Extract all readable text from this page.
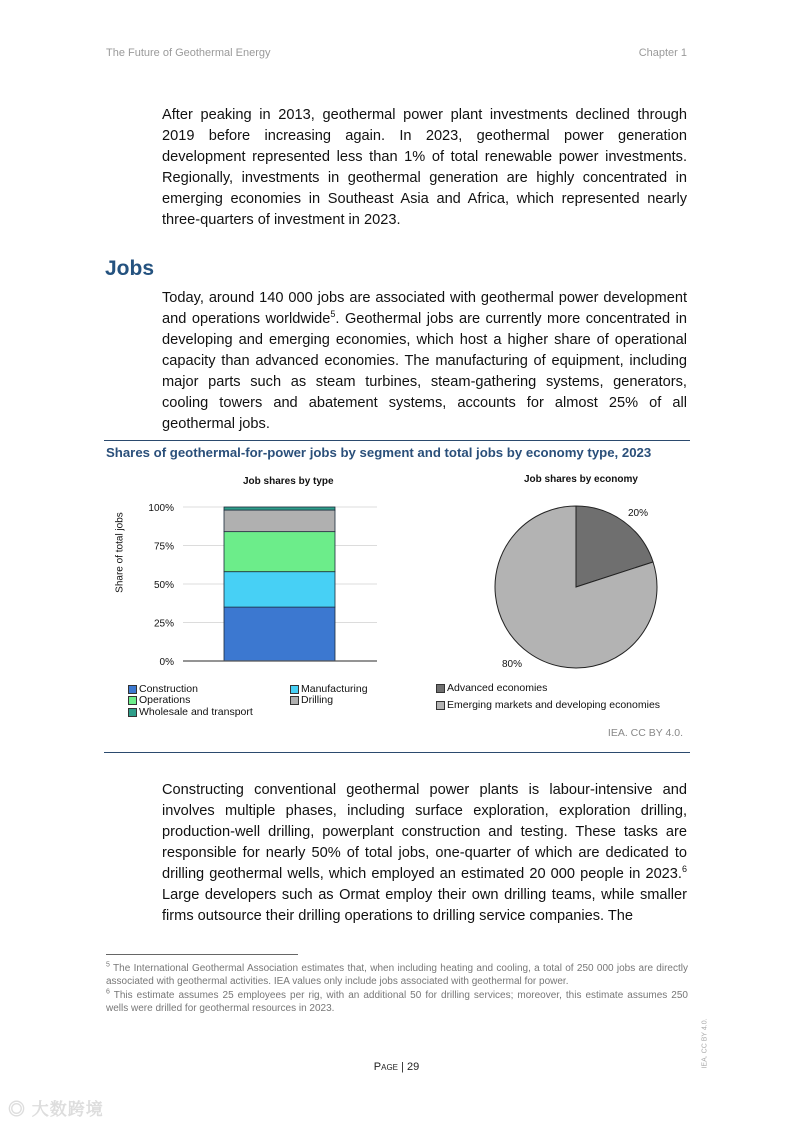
The Future of Geothermal Energy	Chapter 1
After peaking in 2013, geothermal power plant investments declined through 2019 before increasing again. In 2023, geothermal power generation development represented less than 1% of total renewable power investments. Regionally, investments in geothermal generation are highly concentrated in emerging economies in Southeast Asia and Africa, which represented nearly three-quarters of investment in 2023.
Jobs
Today, around 140 000 jobs are associated with geothermal power development and operations worldwide$^5$. Geothermal jobs are currently more concentrated in developing and emerging economies, which host a higher share of operational capacity than advanced economies. The manufacturing of equipment, including major parts such as steam turbines, steam-gathering systems, generators, cooling towers and abatement systems, accounts for almost 25% of all geothermal jobs.
Shares of geothermal-for-power jobs by segment and total jobs by economy type, 2023
Job shares by type	Job shares by economy
Share of total jobs
0%
25%
50%
75%
100%	20%
80%
Construction	Manufacturing
Operations	Drilling
Wholesale and transport
Advanced economies
Emerging markets and developing economies
IEA. CC BY 4.0.
Constructing conventional geothermal power plants is labour-intensive and involves multiple phases, including surface exploration, exploration drilling, production-well drilling, powerplant construction and testing. These tasks are responsible for nearly 50% of total jobs, one-quarter of which are dedicated to drilling geothermal wells, which employed an estimated 20 000 people in 2023.$^6$ Large developers such as Ormat employ their own drilling teams, while smaller firms outsource their drilling operations to drilling service companies. The
$^5$ The International Geothermal Association estimates that, when including heating and cooling, a total of 250 000 jobs are directly associated with geothermal activities. IEA values only include jobs associated with geothermal for power.
$^6$ This estimate assumes 25 employees per rig, with an additional 50 for drilling services; moreover, this estimate assumes 250 wells were drilled for geothermal resources in 2023.
Page | 29	IEA. CC BY 4.0.
◎ 大数跨境
